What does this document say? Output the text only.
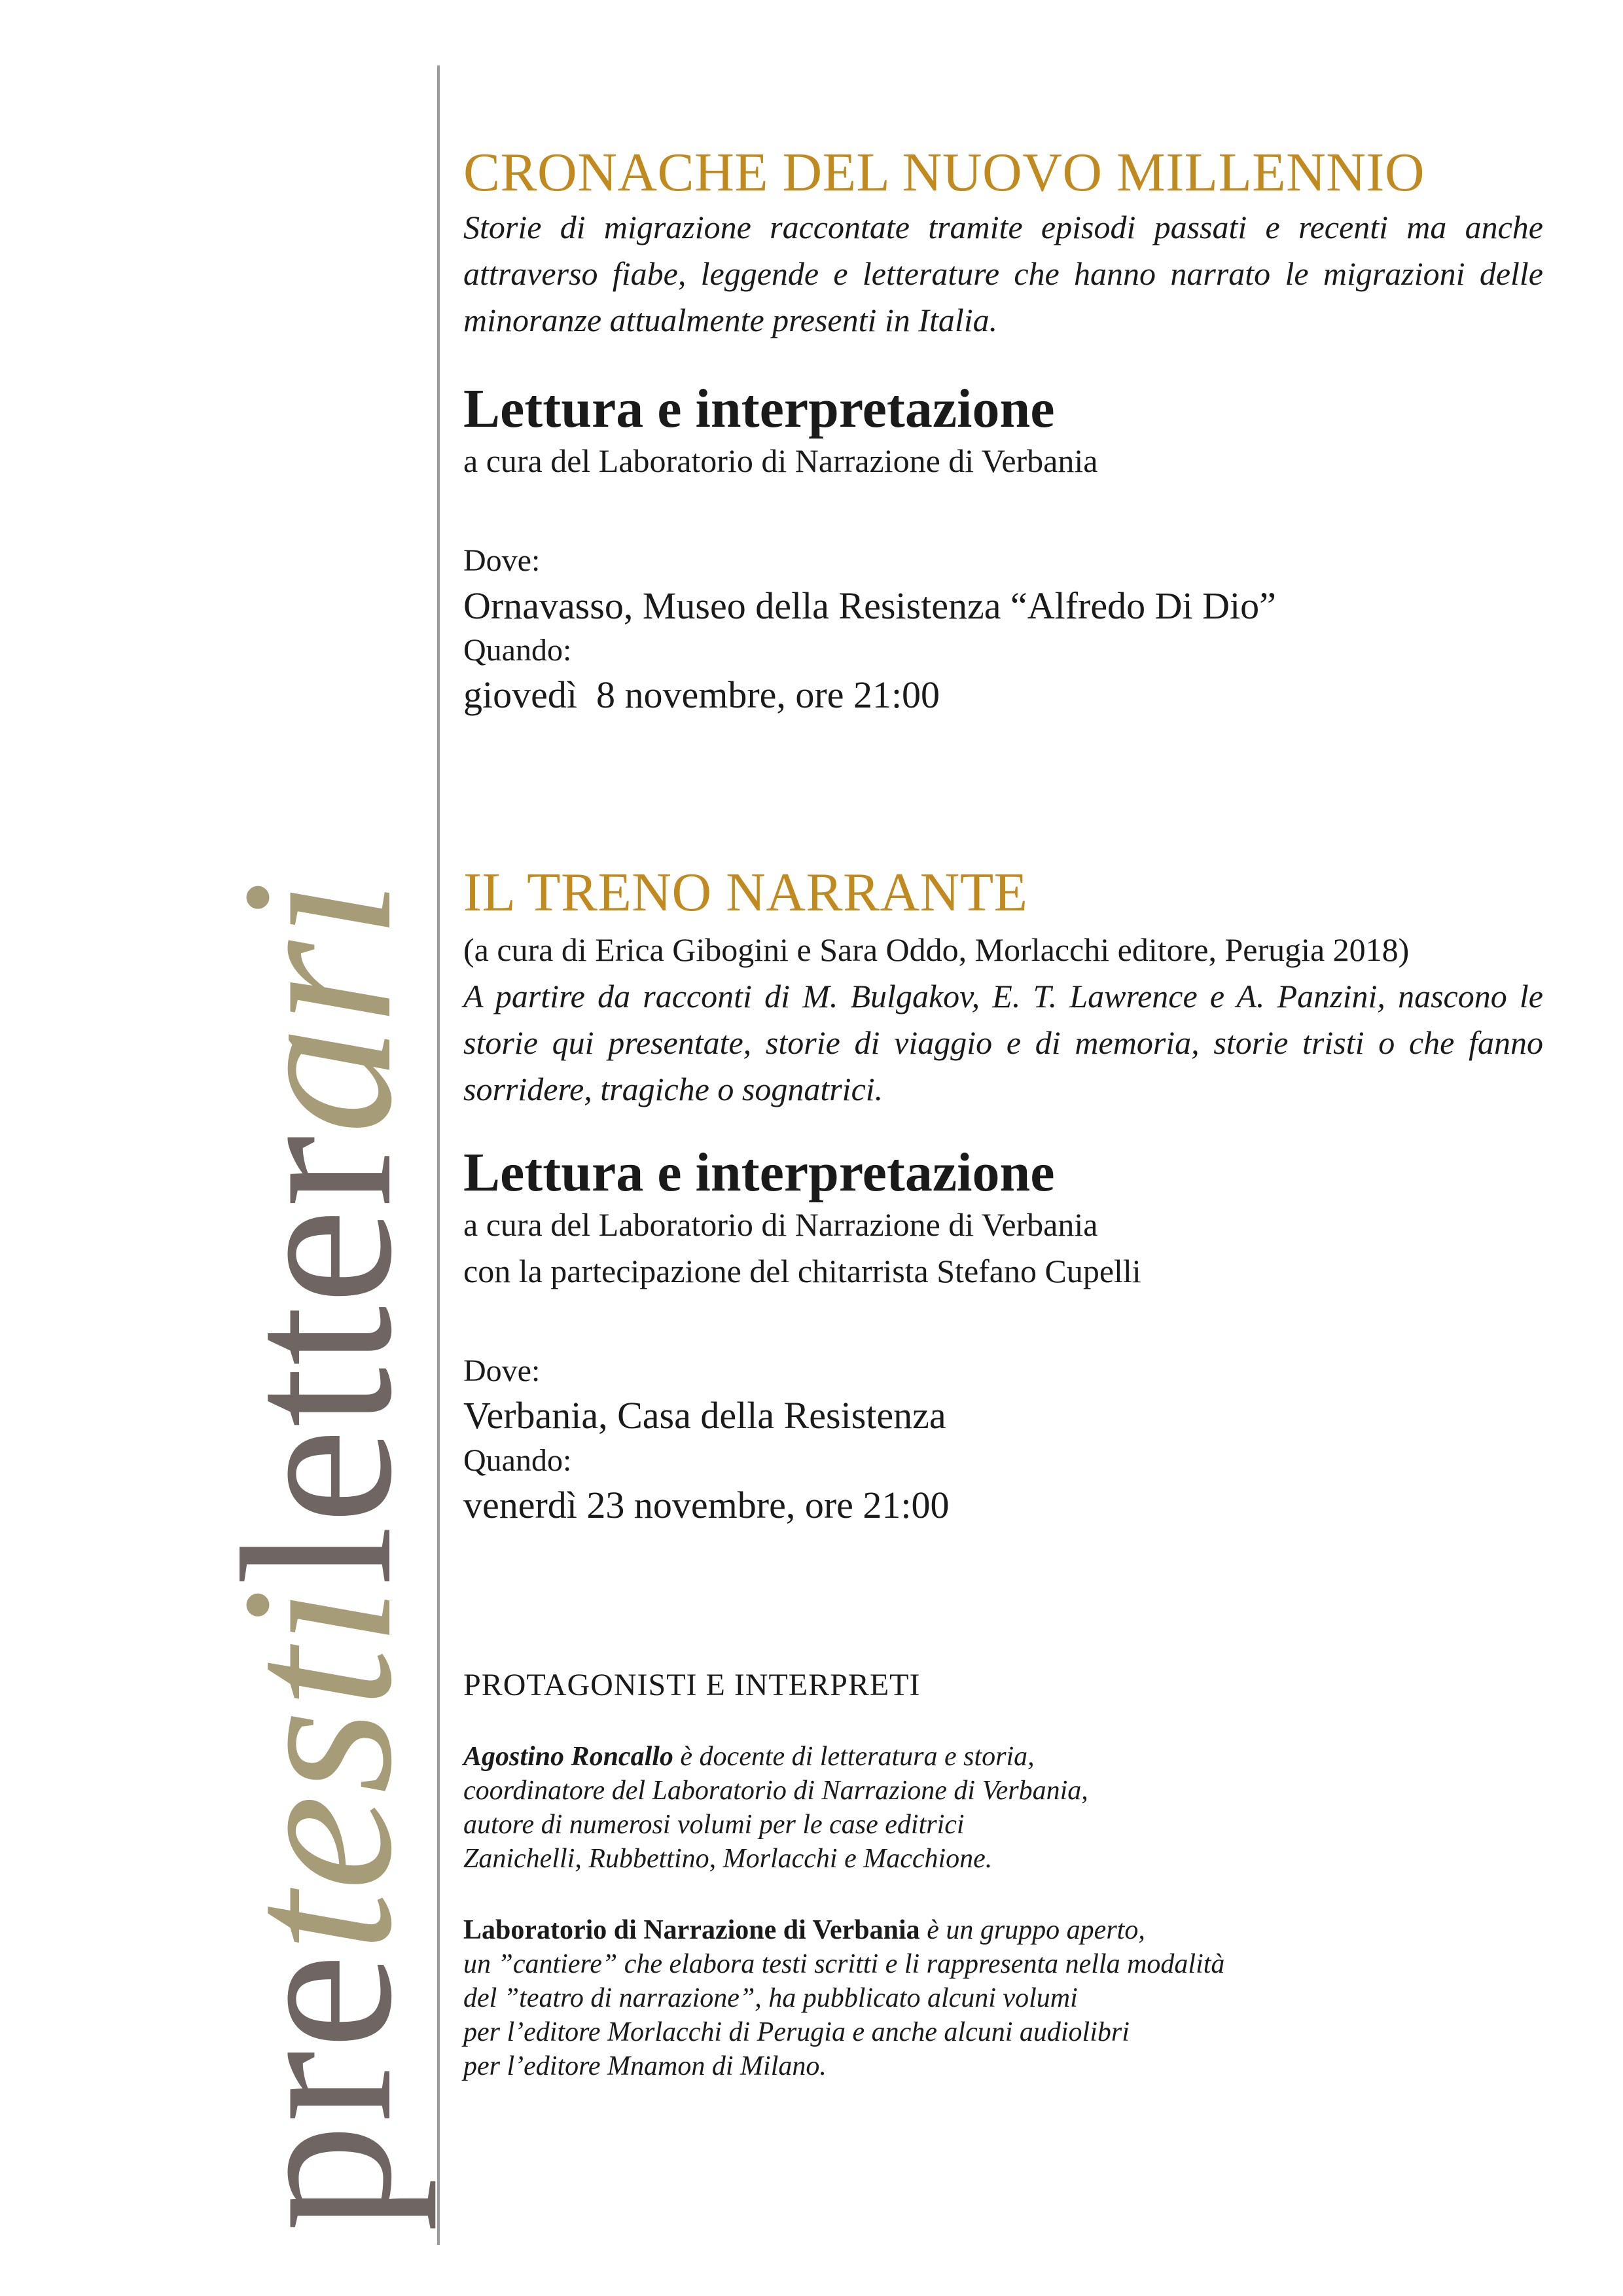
pretestiletterari
CRONACHE DEL NUOVO MILLENNIO

Storie di migrazione raccontate tramite episodi passati e recenti ma anche attraverso fiabe, leggende e letterature che hanno narrato le migrazioni delle minoranze attualmente presenti in Italia.

Lettura e interpretazione

a cura del Laboratorio di Narrazione di Verbania

Dove:

Ornavasso, Museo della Resistenza “Alfredo Di Dio”

Quando:

giovedì  8 novembre, ore 21:00

IL TRENO NARRANTE

(a cura di Erica Gibogini e Sara Oddo, Morlacchi editore, Perugia 2018)

A partire da racconti di M. Bulgakov, E. T. Lawrence e A. Panzini, nascono le storie qui presentate, storie di viaggio e di memoria, storie tristi o che fanno sorridere, tragiche o sognatrici.

Lettura e interpretazione

a cura del Laboratorio di Narrazione di Verbania

con la partecipazione del chitarrista Stefano Cupelli

Dove:

Verbania, Casa della Resistenza

Quando:

venerdì 23 novembre, ore 21:00

PROTAGONISTI E INTERPRETI

Agostino Roncallo è docente di letteratura e storia,
coordinatore del Laboratorio di Narrazione di Verbania,
autore di numerosi volumi per le case editrici
Zanichelli, Rubbettino, Morlacchi e Macchione.

Laboratorio di Narrazione di Verbania è un gruppo aperto,
un ”cantiere” che elabora testi scritti e li rappresenta nella modalità
del ”teatro di narrazione”, ha pubblicato alcuni volumi
per l’editore Morlacchi di Perugia e anche alcuni audiolibri
per l’editore Mnamon di Milano.
